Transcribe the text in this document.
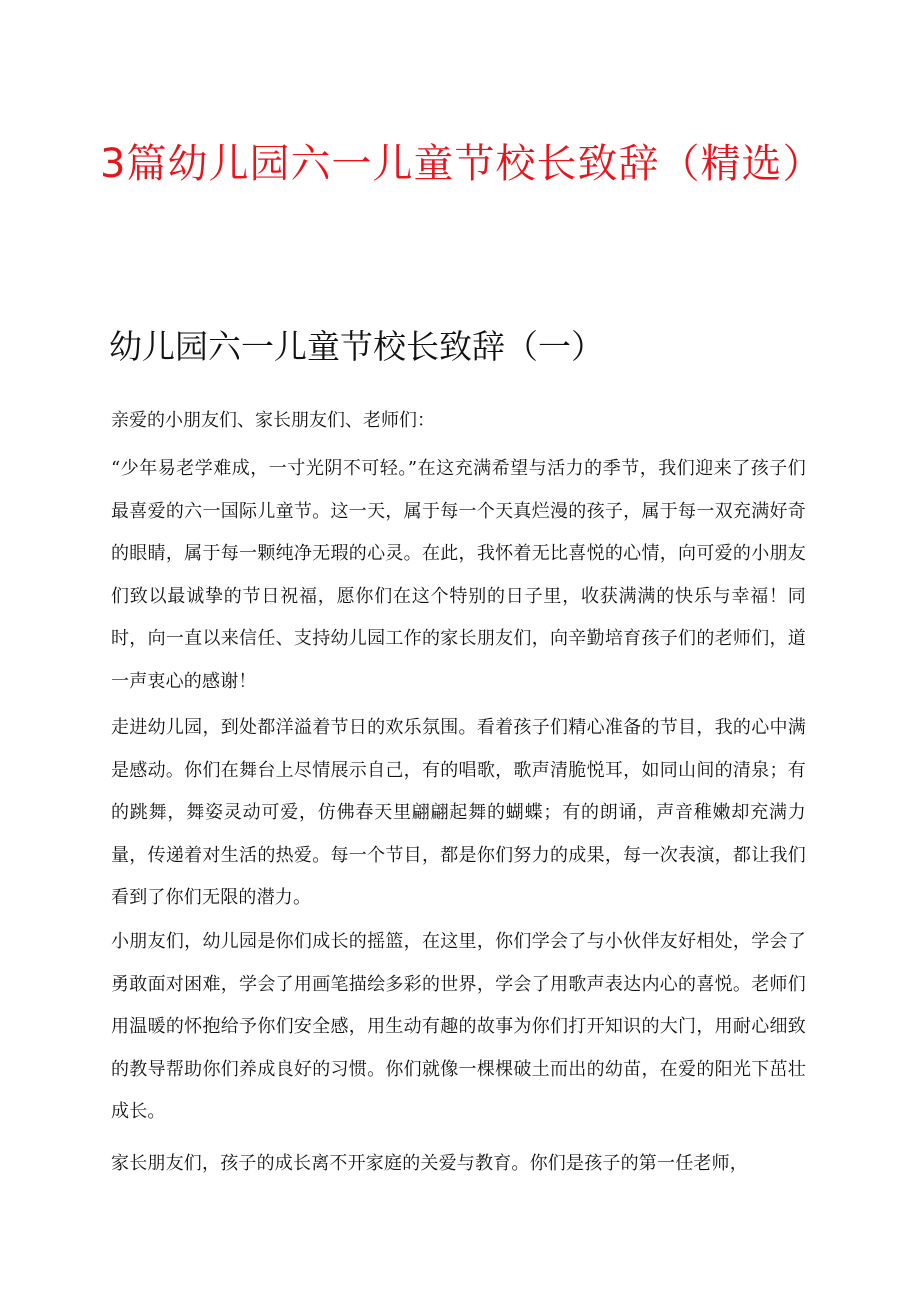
3篇幼儿园六一儿童节校长致辞（精选）
幼儿园六一儿童节校长致辞（一）

亲爱的小朋友们、家长朋友们、老师们：

“少年易老学难成，一寸光阴不可轻。”在这充满希望与活力的季节，我们迎来了孩子们最喜爱的六一国际儿童节。这一天，属于每一个天真烂漫的孩子，属于每一双充满好奇的眼睛，属于每一颗纯净无瑕的心灵。在此，我怀着无比喜悦的心情，向可爱的小朋友们致以最诚挚的节日祝福，愿你们在这个特别的日子里，收获满满的快乐与幸福！同时，向一直以来信任、支持幼儿园工作的家长朋友们，向辛勤培育孩子们的老师们，道一声衷心的感谢！

走进幼儿园，到处都洋溢着节日的欢乐氛围。看着孩子们精心准备的节目，我的心中满是感动。你们在舞台上尽情展示自己，有的唱歌，歌声清脆悦耳，如同山间的清泉；有的跳舞，舞姿灵动可爱，仿佛春天里翩翩起舞的蝴蝶；有的朗诵，声音稚嫩却充满力量，传递着对生活的热爱。每一个节目，都是你们努力的成果，每一次表演，都让我们看到了你们无限的潜力。

小朋友们，幼儿园是你们成长的摇篮，在这里，你们学会了与小伙伴友好相处，学会了勇敢面对困难，学会了用画笔描绘多彩的世界，学会了用歌声表达内心的喜悦。老师们用温暖的怀抱给予你们安全感，用生动有趣的故事为你们打开知识的大门，用耐心细致的教导帮助你们养成良好的习惯。你们就像一棵棵破土而出的幼苗，在爱的阳光下茁壮成长。

家长朋友们，孩子的成长离不开家庭的关爱与教育。你们是孩子的第一任老师，
